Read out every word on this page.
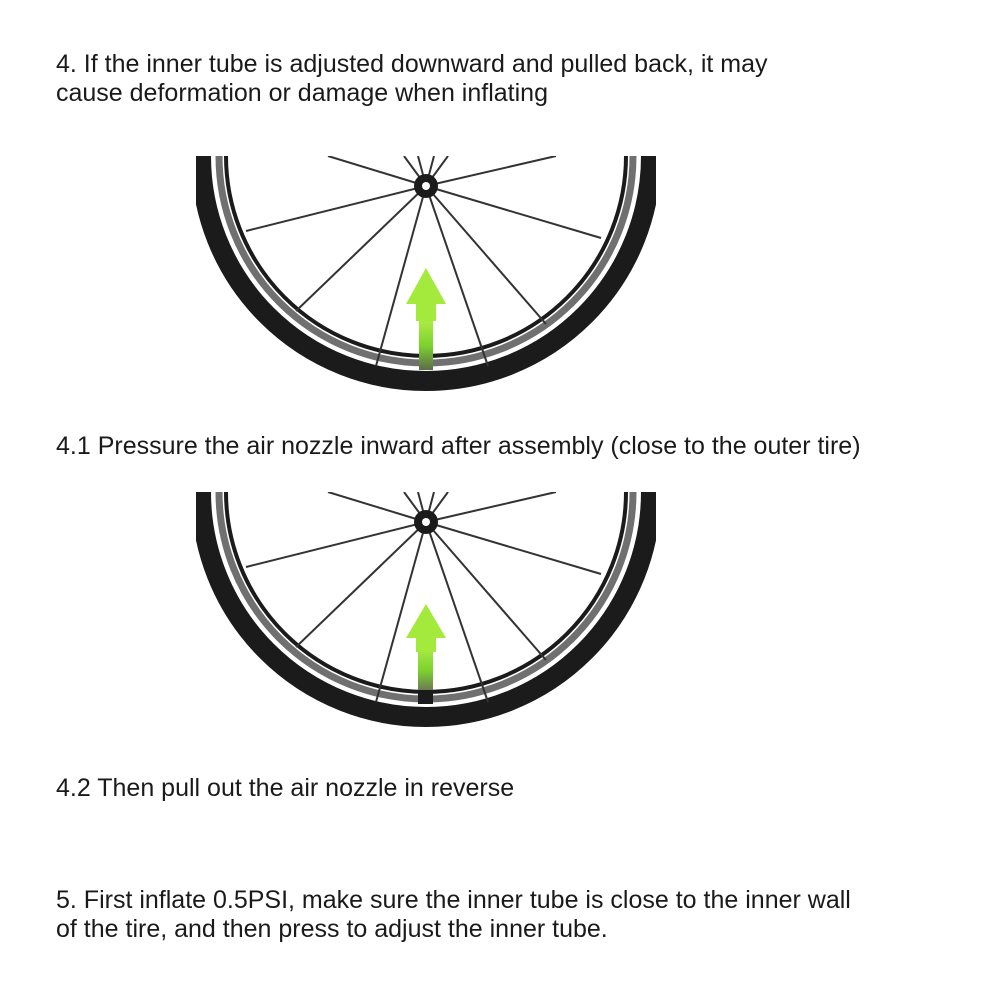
4. If the inner tube is adjusted downward and pulled back, it may
cause deformation or damage when inflating

4.1 Pressure the air nozzle inward after assembly (close to the outer tire)

4.2 Then pull out the air nozzle in reverse

5. First inflate 0.5PSI, make sure the inner tube is close to the inner wall
of the tire, and then press to adjust the inner tube.
